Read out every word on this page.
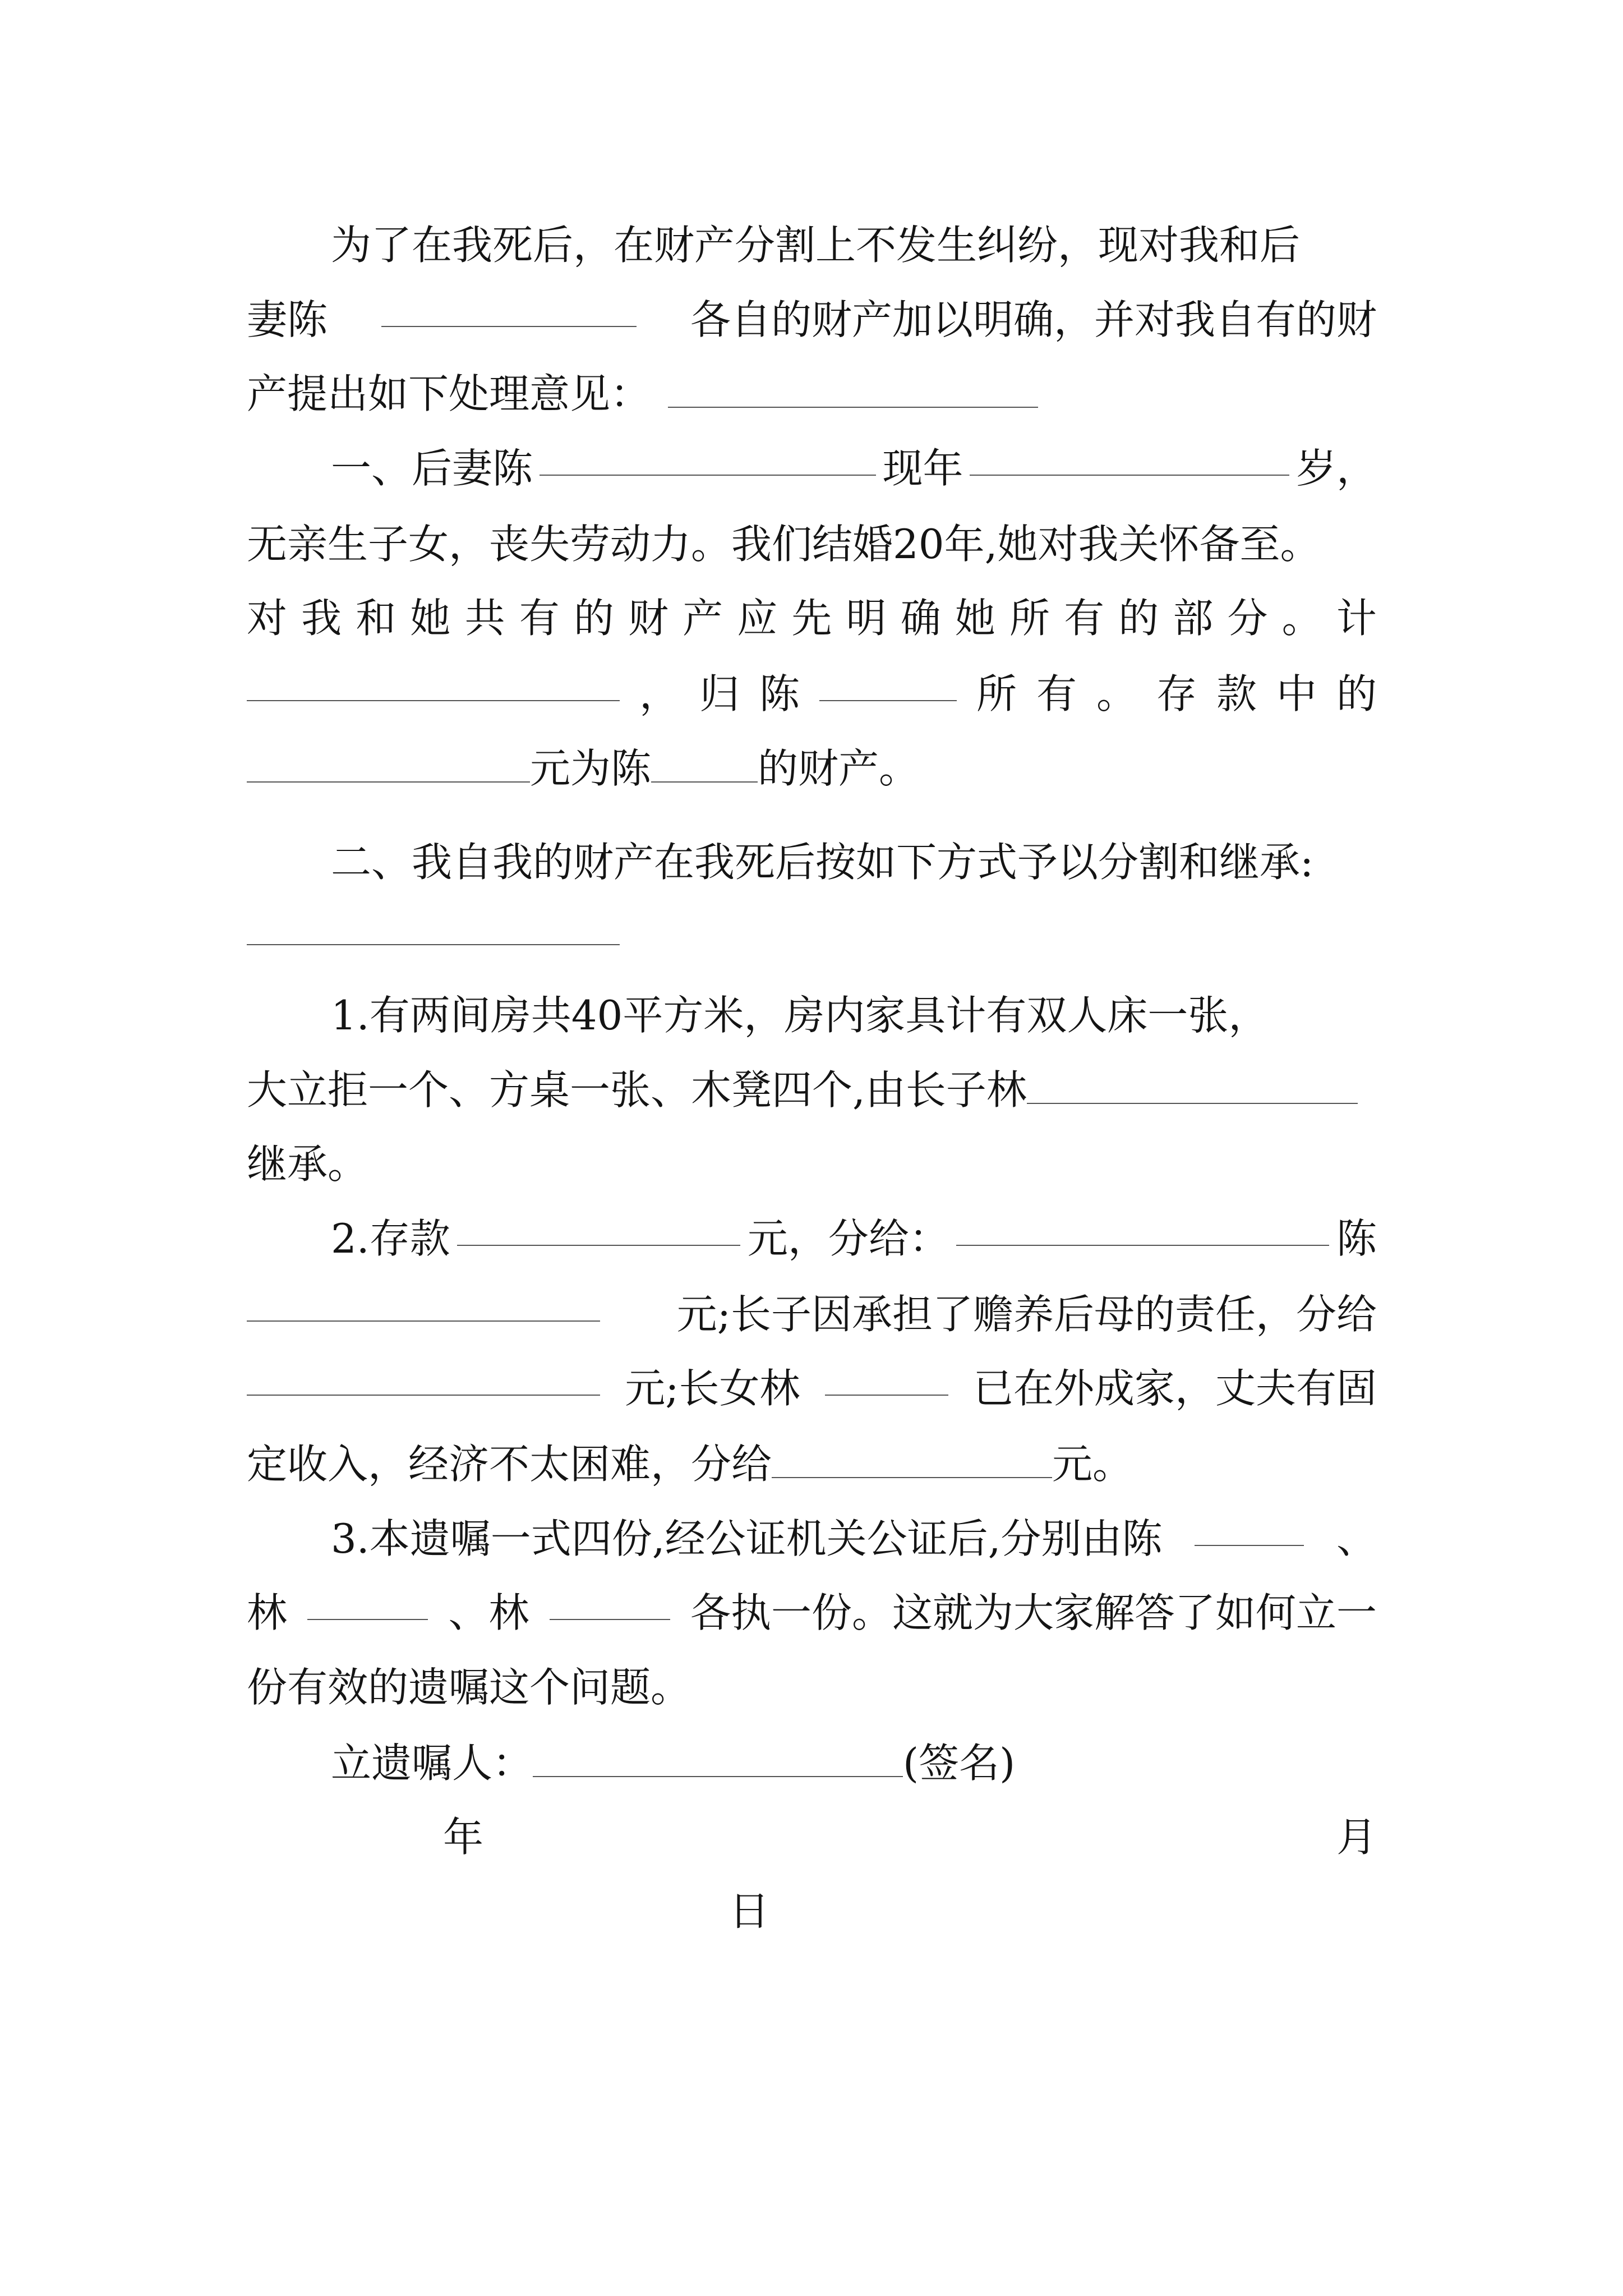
为了在我死后，在财产分割上不发生纠纷，现对我和后
妻陈	各自的财产加以明确，并对我自有的财
产提出如下处理意见：
一、后妻陈	现年	岁，
无亲生子女，丧失劳动力。我们结婚20年,她对我关怀备至。
对 我 和 她 共 有 的 财 产 应 先 明 确 她 所 有 的 部 分 。 计
， 归 陈	所 有 。 存 款 中 的
元为陈	的财产。
二、我自我的财产在我死后按如下方式予以分割和继承:
1.有两间房共40平方米，房内家具计有双人床一张，
大立拒一个、方桌一张、木凳四个,由长子林
继承。
2.存款	元，分给：	陈
元;长子因承担了赡养后母的责任，分给
元;长女林	已在外成家，丈夫有固
定收入，经济不太困难，分给	元。
3.本遗嘱一式四份,经公证机关公证后,分别由陈	、
林	、林	各执一份。这就为大家解答了如何立一
份有效的遗嘱这个问题。
立遗嘱人：	(签名)
年	月
日
